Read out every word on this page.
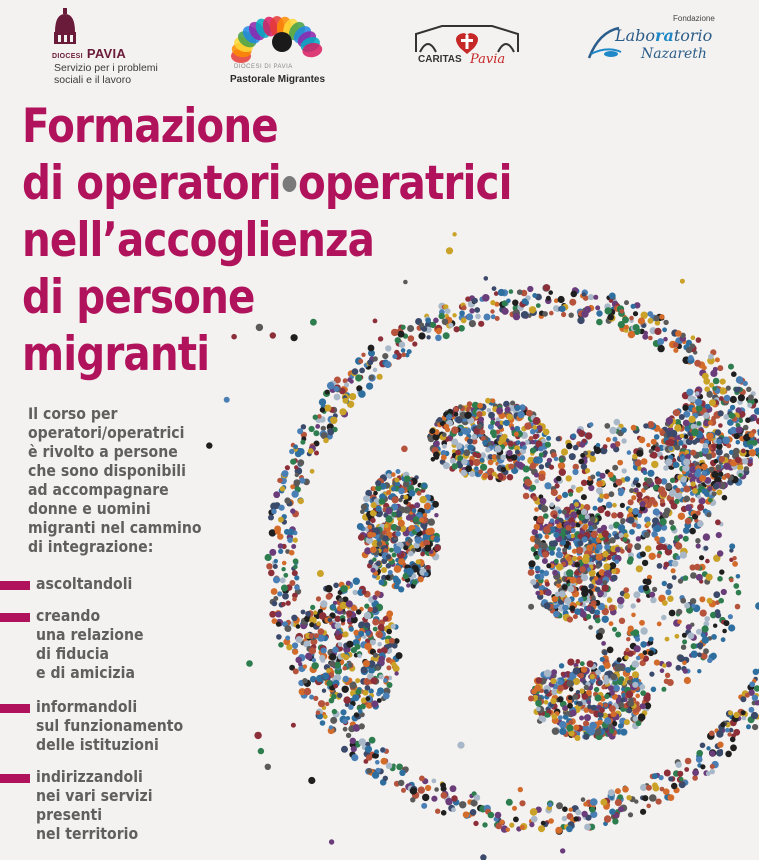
DIOCESI PAVIA
Servizio per i problemi
sociali e il lavoro
DIOCESI DI PAVIA
Pastorale Migrantes
CARITAS Pavia
Fondazione
Laboratorio
Nazareth
Formazione
di operatori operatrici
nell’accoglienza
di persone
migranti
Il corso per
operatori/operatrici
è rivolto a persone
che sono disponibili
ad accompagnare
donne e uomini
migranti nel cammino
di integrazione:
ascoltandoli
creando
una relazione
di fiducia
e di amicizia
informandoli
sul funzionamento
delle istituzioni
indirizzandoli
nei vari servizi
presenti
nel territorio
